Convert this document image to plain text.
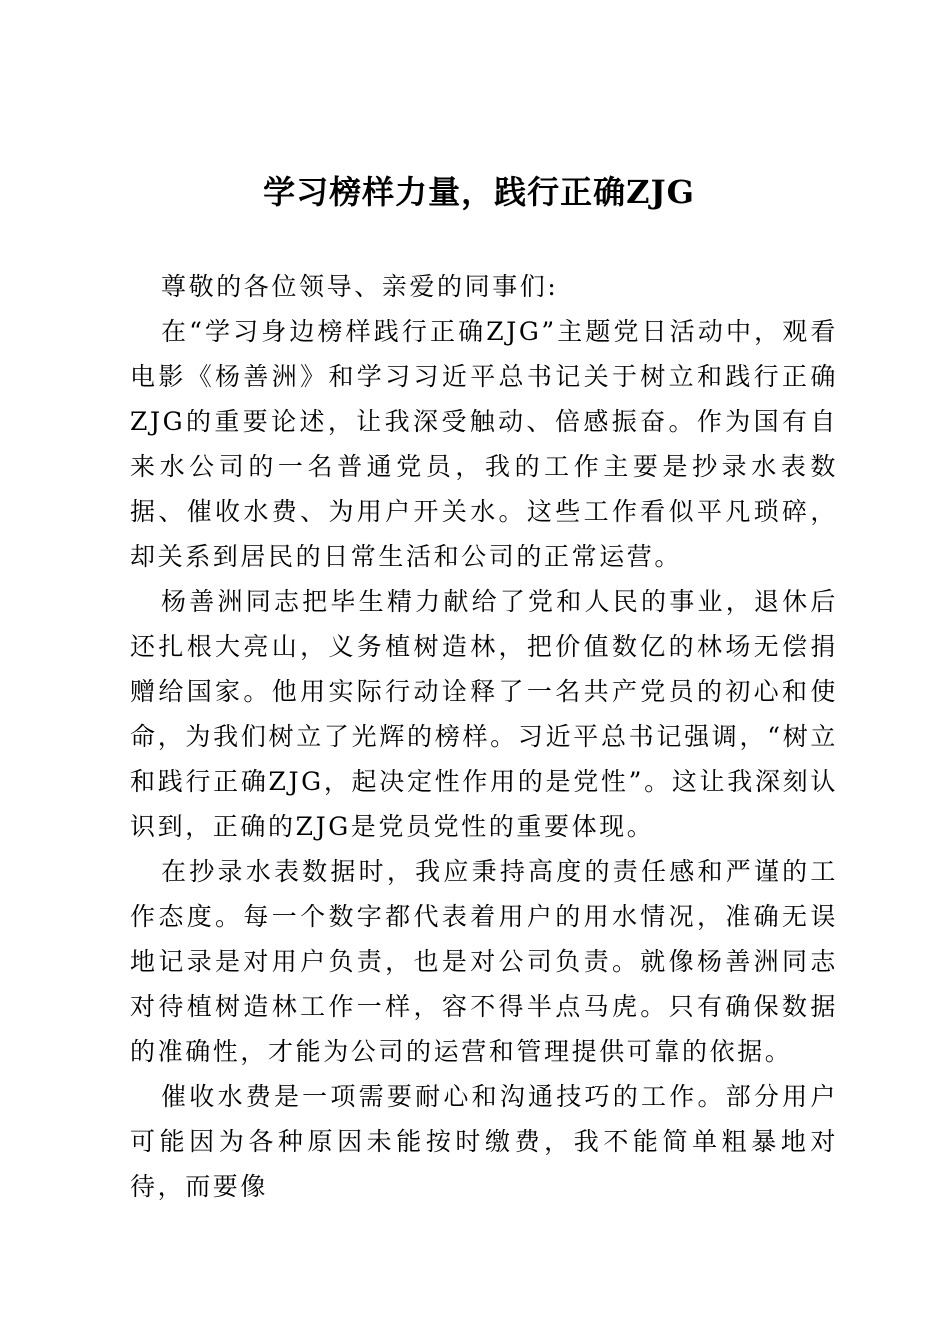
学习榜样力量，践行正确ZJG

尊敬的各位领导、亲爱的同事们:

在“学习身边榜样践行正确ZJG”主题党日活动中，观看电影《杨善洲》和学习习近平总书记关于树立和践行正确ZJG的重要论述，让我深受触动、倍感振奋。作为国有自来水公司的一名普通党员，我的工作主要是抄录水表数据、催收水费、为用户开关水。这些工作看似平凡琐碎，却关系到居民的日常生活和公司的正常运营。

杨善洲同志把毕生精力献给了党和人民的事业，退休后还扎根大亮山，义务植树造林，把价值数亿的林场无偿捐赠给国家。他用实际行动诠释了一名共产党员的初心和使命，为我们树立了光辉的榜样。习近平总书记强调，“树立和践行正确ZJG，起决定性作用的是党性”。这让我深刻认识到，正确的ZJG是党员党性的重要体现。

在抄录水表数据时，我应秉持高度的责任感和严谨的工作态度。每一个数字都代表着用户的用水情况，准确无误地记录是对用户负责，也是对公司负责。就像杨善洲同志对待植树造林工作一样，容不得半点马虎。只有确保数据的准确性，才能为公司的运营和管理提供可靠的依据。

催收水费是一项需要耐心和沟通技巧的工作。部分用户可能因为各种原因未能按时缴费，我不能简单粗暴地对待，而要像
